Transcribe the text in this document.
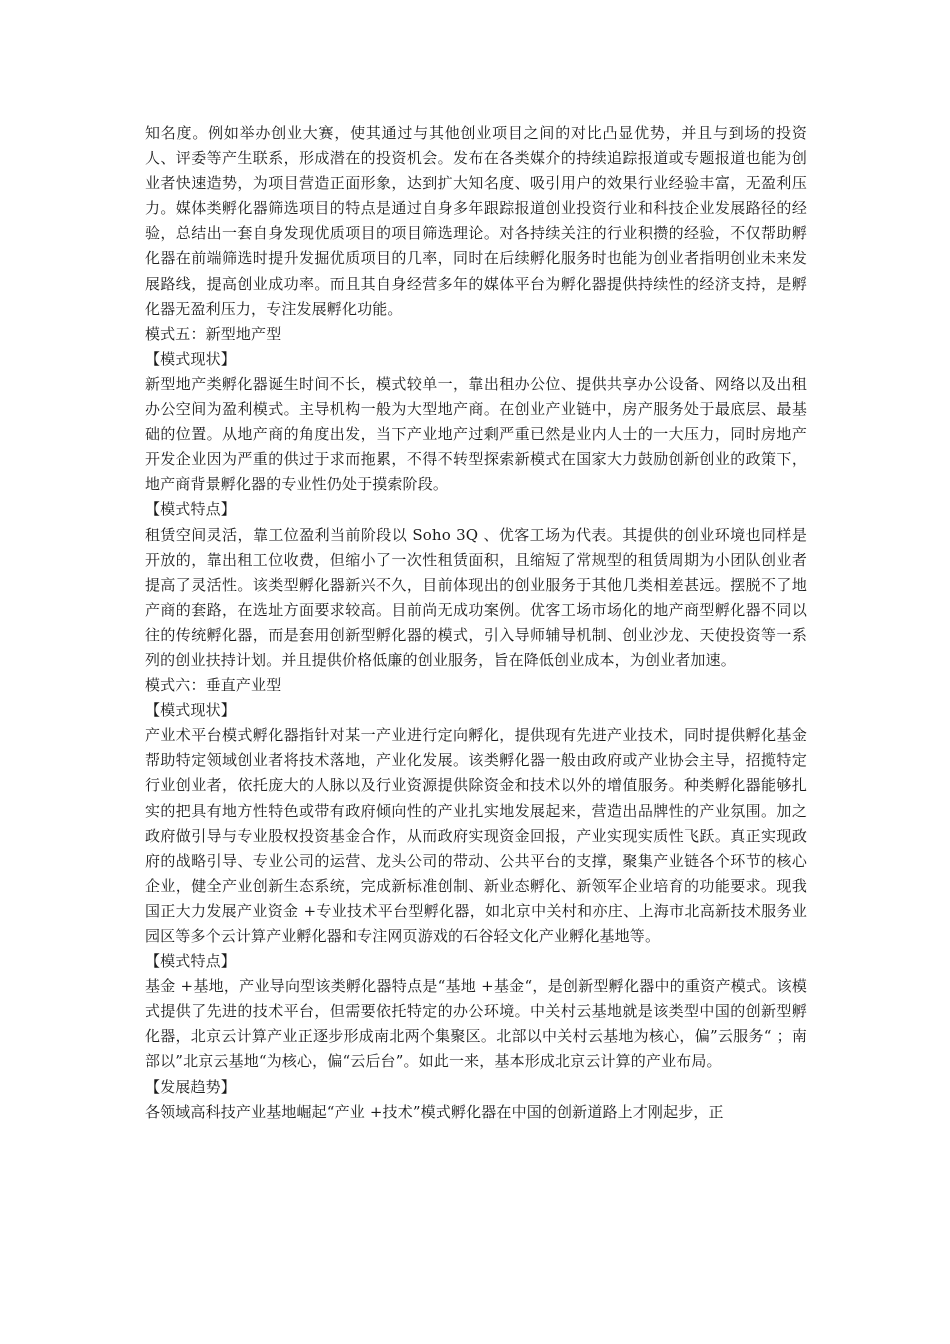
知名度。例如举办创业大赛，使其通过与其他创业项目之间的对比凸显优势，并且与到场的投资人、评委等产生联系，形成潜在的投资机会。发布在各类媒介的持续追踪报道或专题报道也能为创业者快速造势，为项目营造正面形象，达到扩大知名度、吸引用户的效果行业经验丰富，无盈利压力。媒体类孵化器筛选项目的特点是通过自身多年跟踪报道创业投资行业和科技企业发展路径的经验，总结出一套自身发现优质项目的项目筛选理论。对各持续关注的行业积攒的经验，不仅帮助孵化器在前端筛选时提升发掘优质项目的几率，同时在后续孵化服务时也能为创业者指明创业未来发展路线，提高创业成功率。而且其自身经营多年的媒体平台为孵化器提供持续性的经济支持，是孵化器无盈利压力，专注发展孵化功能。

模式五：新型地产型

【模式现状】

新型地产类孵化器诞生时间不长，模式较单一，靠出租办公位、提供共享办公设备、网络以及出租办公空间为盈利模式。主导机构一般为大型地产商。在创业产业链中，房产服务处于最底层、最基础的位置。从地产商的角度出发，当下产业地产过剩严重已然是业内人士的一大压力，同时房地产开发企业因为严重的供过于求而拖累，不得不转型探索新模式在国家大力鼓励创新创业的政策下，地产商背景孵化器的专业性仍处于摸索阶段。

【模式特点】

租赁空间灵活，靠工位盈利当前阶段以 Soho 3Q 、优客工场为代表。其提供的创业环境也同样是开放的，靠出租工位收费，但缩小了一次性租赁面积，且缩短了常规型的租赁周期为小团队创业者提高了灵活性。该类型孵化器新兴不久，目前体现出的创业服务于其他几类相差甚远。摆脱不了地产商的套路，在选址方面要求较高。目前尚无成功案例。优客工场市场化的地产商型孵化器不同以往的传统孵化器，而是套用创新型孵化器的模式，引入导师辅导机制、创业沙龙、天使投资等一系列的创业扶持计划。并且提供价格低廉的创业服务，旨在降低创业成本，为创业者加速。

模式六：垂直产业型

【模式现状】

产业术平台模式孵化器指针对某一产业进行定向孵化，提供现有先进产业技术，同时提供孵化基金帮助特定领域创业者将技术落地，产业化发展。该类孵化器一般由政府或产业协会主导，招揽特定行业创业者，依托庞大的人脉以及行业资源提供除资金和技术以外的增值服务。种类孵化器能够扎实的把具有地方性特色或带有政府倾向性的产业扎实地发展起来，营造出品牌性的产业氛围。加之政府做引导与专业股权投资基金合作，从而政府实现资金回报，产业实现实质性飞跃。真正实现政府的战略引导、专业公司的运营、龙头公司的带动、公共平台的支撑，聚集产业链各个环节的核心企业，健全产业创新生态系统，完成新标准创制、新业态孵化、新领军企业培育的功能要求。现我国正大力发展产业资金 +专业技术平台型孵化器，如北京中关村和亦庄、上海市北高新技术服务业园区等多个云计算产业孵化器和专注网页游戏的石谷轻文化产业孵化基地等。

【模式特点】

基金 +基地，产业导向型该类孵化器特点是“基地 +基金“，是创新型孵化器中的重资产模式。该模式提供了先进的技术平台，但需要依托特定的办公环境。中关村云基地就是该类型中国的创新型孵化器，北京云计算产业正逐步形成南北两个集聚区。北部以中关村云基地为核心，偏”云服务“ ；南部以”北京云基地“为核心，偏“云后台”。如此一来，基本形成北京云计算的产业布局。

【发展趋势】

各领域高科技产业基地崛起“产业 +技术”模式孵化器在中国的创新道路上才刚起步，正
